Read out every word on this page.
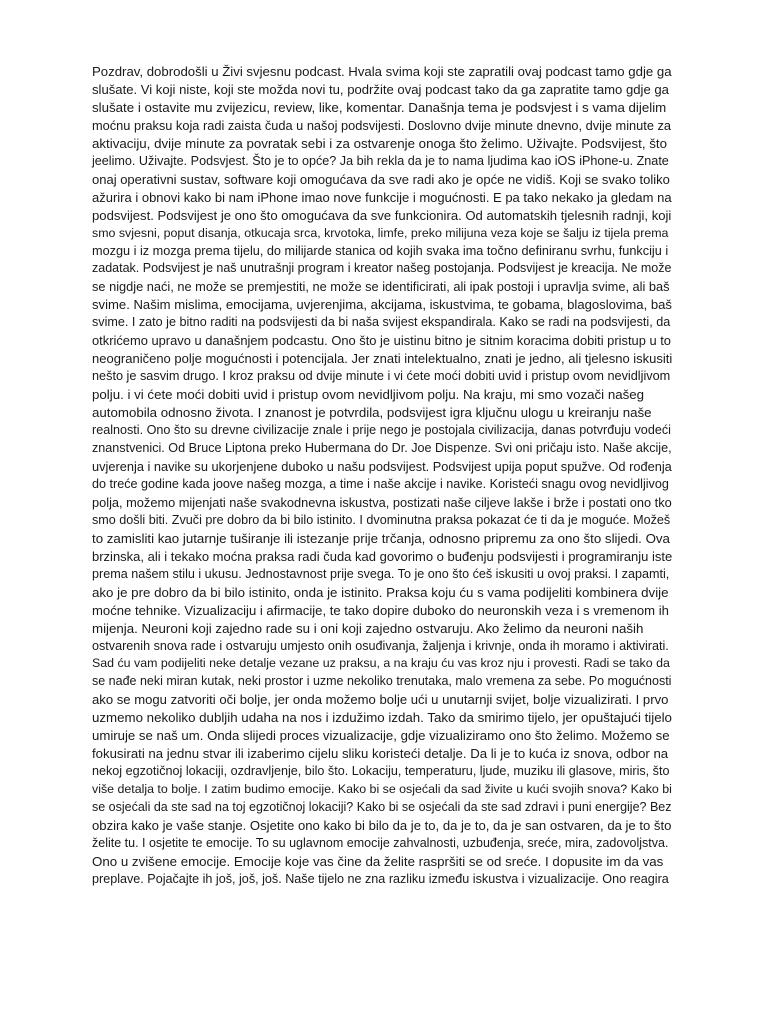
Pozdrav, dobrodošli u Živi svjesnu podcast. Hvala svima koji ste zapratili ovaj podcast tamo gdje ga
slušate. Vi koji niste, koji ste možda novi tu, podržite ovaj podcast tako da ga zapratite tamo gdje ga
slušate i ostavite mu zvijezicu, review, like, komentar. Današnja tema je podsvjest i s vama dijelim
moćnu praksu koja radi zaista čuda u našoj podsvijesti. Doslovno dvije minute dnevno, dvije minute za
aktivaciju, dvije minute za povratak sebi i za ostvarenje onoga što želimo. Uživajte. Podsvijest, što
jeelimo. Uživajte. Podsvjest. Što je to opće? Ja bih rekla da je to nama ljudima kao iOS iPhone-u. Znate
onaj operativni sustav, software koji omogućava da sve radi ako je opće ne vidiš. Koji se svako toliko
ažurira i obnovi kako bi nam iPhone imao nove funkcije i mogućnosti. E pa tako nekako ja gledam na
podsvijest. Podsvijest je ono što omogućava da sve funkcionira. Od automatskih tjelesnih radnji, koji
smo svjesni, poput disanja, otkucaja srca, krvotoka, limfe, preko milijuna veza koje se šalju iz tijela prema
mozgu i iz mozga prema tijelu, do milijarde stanica od kojih svaka ima točno definiranu svrhu, funkciju i
zadatak. Podsvijest je naš unutrašnji program i kreator našeg postojanja. Podsvijest je kreacija. Ne može
se nigdje naći, ne može se premjestiti, ne može se identificirati, ali ipak postoji i upravlja svime, ali baš
svime. Našim mislima, emocijama, uvjerenjima, akcijama, iskustvima, te gobama, blagoslovima, baš
svime. I zato je bitno raditi na podsvijesti da bi naša svijest ekspandirala. Kako se radi na podsvijesti, da
otkrićemo upravo u današnjem podcastu. Ono što je uistinu bitno je sitnim koracima dobiti pristup u to
neograničeno polje mogućnosti i potencijala. Jer znati intelektualno, znati je jedno, ali tjelesno iskusiti
nešto je sasvim drugo. I kroz praksu od dvije minute i vi ćete moći dobiti uvid i pristup ovom nevidljivom
polju. i vi ćete moći dobiti uvid i pristup ovom nevidljivom polju. Na kraju, mi smo vozači našeg
automobila odnosno života. I znanost je potvrdila, podsvijest igra ključnu ulogu u kreiranju naše
realnosti. Ono što su drevne civilizacije znale i prije nego je postojala civilizacija, danas potvrđuju vodeći
znanstvenici. Od Bruce Liptona preko Hubermana do Dr. Joe Dispenze. Svi oni pričaju isto. Naše akcije,
uvjerenja i navike su ukorjenjene duboko u našu podsvijest. Podsvijest upija poput spužve. Od rođenja
do treće godine kada joove našeg mozga, a time i naše akcije i navike. Koristeći snagu ovog nevidljivog
polja, možemo mijenjati naše svakodnevna iskustva, postizati naše ciljeve lakše i brže i postati ono tko
smo došli biti. Zvuči pre dobro da bi bilo istinito. I dvominutna praksa pokazat će ti da je moguće. Možeš
to zamisliti kao jutarnje tuširanje ili istezanje prije trčanja, odnosno pripremu za ono što slijedi. Ova
brzinska, ali i tekako moćna praksa radi čuda kad govorimo o buđenju podsvijesti i programiranju iste
prema našem stilu i ukusu. Jednostavnost prije svega. To je ono što ćeš iskusiti u ovoj praksi. I zapamti,
ako je pre dobro da bi bilo istinito, onda je istinito. Praksa koju ću s vama podijeliti kombinera dvije
moćne tehnike. Vizualizaciju i afirmacije, te tako dopire duboko do neuronskih veza i s vremenom ih
mijenja. Neuroni koji zajedno rade su i oni koji zajedno ostvaruju. Ako želimo da neuroni naših
ostvarenih snova rade i ostvaruju umjesto onih osuđivanja, žaljenja i krivnje, onda ih moramo i aktivirati.
Sad ću vam podijeliti neke detalje vezane uz praksu, a na kraju ću vas kroz nju i provesti. Radi se tako da
se nađe neki miran kutak, neki prostor i uzme nekoliko trenutaka, malo vremena za sebe. Po mogućnosti
ako se mogu zatvoriti oči bolje, jer onda možemo bolje ući u unutarnji svijet, bolje vizualizirati. I prvo
uzmemo nekoliko dubljih udaha na nos i izdužimo izdah. Tako da smirimo tijelo, jer opuštajući tijelo
umiruje se naš um. Onda slijedi proces vizualizacije, gdje vizualiziramo ono što želimo. Možemo se
fokusirati na jednu stvar ili izaberimo cijelu sliku koristeći detalje. Da li je to kuća iz snova, odbor na
nekoj egzotičnoj lokaciji, ozdravljenje, bilo što. Lokaciju, temperaturu, ljude, muziku ili glasove, miris, što
više detalja to bolje. I zatim budimo emocije. Kako bi se osjećali da sad živite u kući svojih snova? Kako bi
se osjećali da ste sad na toj egzotičnoj lokaciji? Kako bi se osjećali da ste sad zdravi i puni energije? Bez
obzira kako je vaše stanje. Osjetite ono kako bi bilo da je to, da je to, da je san ostvaren, da je to što
želite tu. I osjetite te emocije. To su uglavnom emocije zahvalnosti, uzbuđenja, sreće, mira, zadovoljstva.
Ono u zvišene emocije. Emocije koje vas čine da želite raspršiti se od sreće. I dopusite im da vas
preplave. Pojačajte ih još, još, još. Naše tijelo ne zna razliku između iskustva i vizualizacije. Ono reagira
